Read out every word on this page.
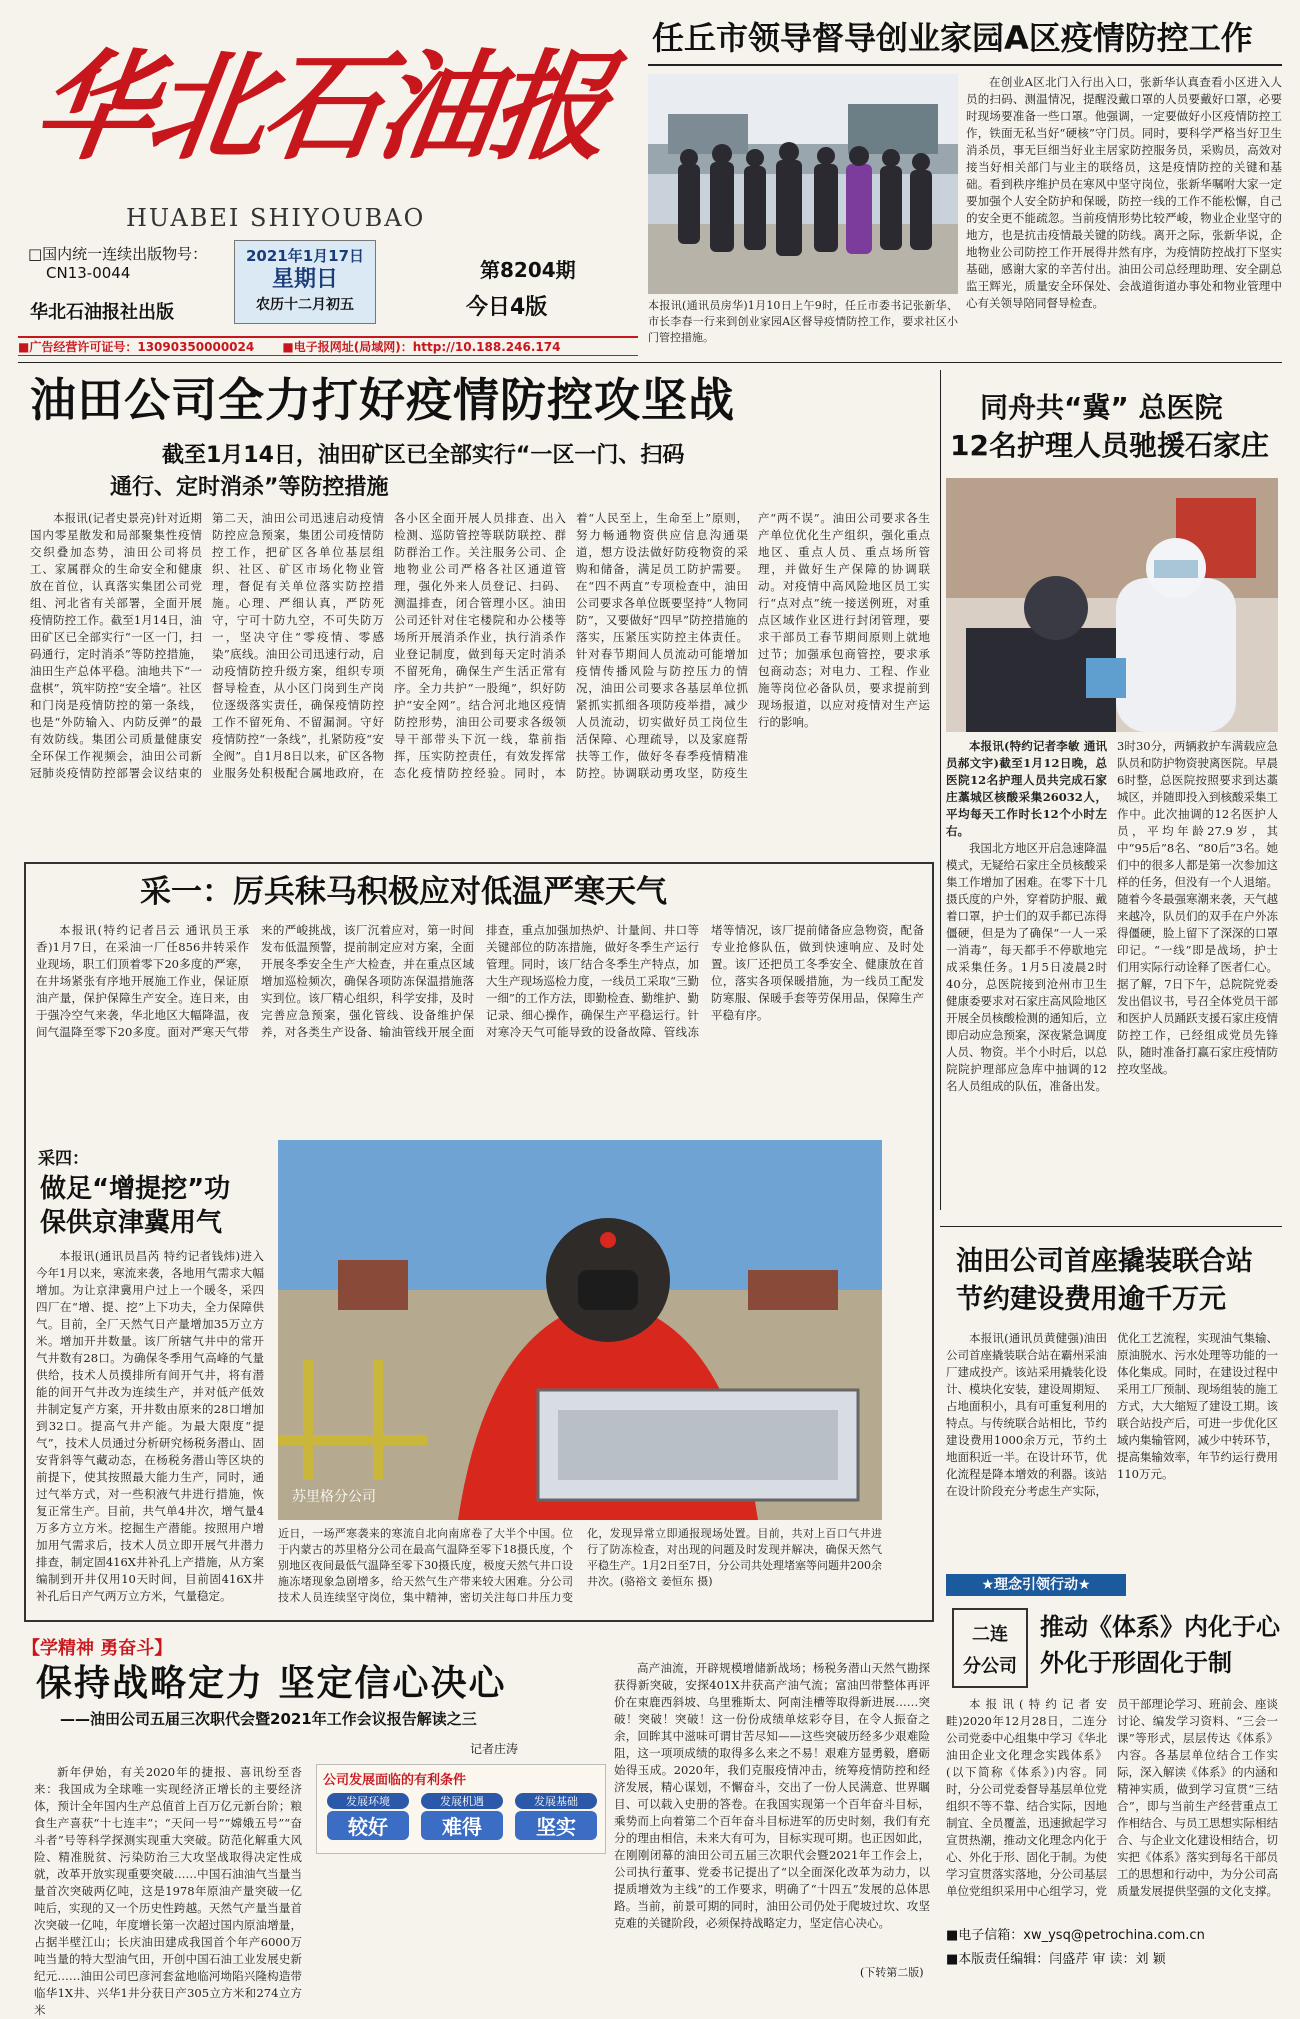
华北石油报
HUABEI SHIYOUBAO
□国内统一连续出版物号：
CN13-0044
华北石油报社出版
2021年1月17日
星期日
农历十二月初五
第8204期
今日4版
■广告经营许可证号：13090350000024 ■电子报网址(局域网)：http://10.188.246.174
任丘市领导督导创业家园A区疫情防控工作
本报讯(通讯员房华)1月10日上午9时，任丘市委书记张新华、市长李春一行来到创业家园A区督导疫情防控工作，要求社区小门管控措施。

在创业A区北门入行出入口，张新华认真查看小区进入人员的扫码、测温情况，提醒没戴口罩的人员要戴好口罩，必要时现场要准备一些口罩。他强调，一定要做好小区疫情防控工作，铁面无私当好“硬核”守门员。同时，要科学严格当好卫生消杀员，事无巨细当好业主居家防控服务员，采购员，高效对接当好相关部门与业主的联络员，这是疫情防控的关键和基础。看到秩序维护员在寒风中坚守岗位，张新华嘱咐大家一定要加强个人安全防护和保暖，防控一线的工作不能松懈，自己的安全更不能疏忽。当前疫情形势比较严峻，物业企业坚守的地方，也是抗击疫情最关键的防线。离开之际，张新华说，企地物业公司防控工作开展得井然有序，为疫情防控战打下坚实基础，感谢大家的辛苦付出。油田公司总经理助理、安全副总监王辉光，质量安全环保处、会战道街道办事处和物业管理中心有关领导陪同督导检查。

油田公司全力打好疫情防控攻坚战
截至1月14日，油田矿区已全部实行“一区一门、扫码
通行、定时消杀”等防控措施

本报讯(记者史景亮)针对近期国内零星散发和局部聚集性疫情交织叠加态势，油田公司将员工、家属群众的生命安全和健康放在首位，认真落实集团公司党组、河北省有关部署，全面开展疫情防控工作。截至1月14日，油田矿区已全部实行“一区一门，扫码通行，定时消杀”等防控措施，油田生产总体平稳。油地共下“一盘棋”，筑牢防控“安全墙”。社区和门岗是疫情防控的第一条线，也是“外防输入、内防反弹”的最有效防线。集团公司质量健康安全环保工作视频会，油田公司新冠肺炎疫情防控部署会议结束的第二天，油田公司迅速启动疫情防控应急预案，集团公司疫情防控工作，把矿区各单位基层组织、社区、矿区市场化物业管理，督促有关单位落实防控措施。心理、严细认真，严防死守，宁可十防九空，不可失防万一，坚决守住“零疫情、零感染”底线。油田公司迅速行动，启动疫情防控升级方案，组织专项督导检查，从小区门岗到生产岗位逐级落实责任，确保疫情防控工作不留死角、不留漏洞。守好疫情防控“一条线”，扎紧防疫“安全阀”。自1月8日以来，矿区各物业服务处积极配合属地政府，在各小区全面开展人员排查、出入检测、巡防管控等联防联控、群防群治工作。关注服务公司、企地物业公司严格各社区通道管理，强化外来人员登记、扫码、测温排查，闭合管理小区。油田公司还针对住宅楼院和办公楼等场所开展消杀作业，执行消杀作业登记制度，做到每天定时消杀不留死角，确保生产生活正常有序。全力共护“一股绳”，织好防护“安全网”。结合河北地区疫情防控形势，油田公司要求各级领导干部带头下沉一线，靠前指挥，压实防控责任，有效发挥常态化疫情防控经验。同时，本着“人民至上，生命至上”原则，努力畅通物资供应信息沟通渠道，想方设法做好防疫物资的采购和储备，满足员工防护需要。在“四不两直”专项检查中，油田公司要求各单位既要坚持“人物同防”，又要做好“四早”防控措施的落实，压紧压实防控主体责任。针对春节期间人员流动可能增加疫情传播风险与防控压力的情况，油田公司要求各基层单位抓紧抓实抓细各项防疫举措，减少人员流动，切实做好员工岗位生活保障、心理疏导，以及家庭帮扶等工作，做好冬春季疫情精准防控。协调联动勇攻坚，防疫生产“两不误”。油田公司要求各生产单位优化生产组织，强化重点地区、重点人员、重点场所管理，并做好生产保障的协调联动。对疫情中高风险地区员工实行“点对点”统一接送例班，对重点区域作业区进行封闭管理，要求干部员工春节期间原则上就地过节；加强承包商管控，要求承包商动态；对电力、工程、作业施等岗位必备队员，要求提前到现场报道，以应对疫情对生产运行的影响。

同舟共“冀” 总医院
12名护理人员驰援石家庄

本报讯(特约记者李敏 通讯员郝文宇)截至1月12日晚，总医院12名护理人员共完成石家庄藁城区核酸采集26032人，平均每天工作时长12个小时左右。

我国北方地区开启急速降温模式，无疑给石家庄全员核酸采集工作增加了困难。在零下十几摄氏度的户外，穿着防护服、戴着口罩，护士们的双手都已冻得僵硬，但是为了确保“一人一采一消毒”，每天都手不停歇地完成采集任务。1月5日凌晨2时40分，总医院接到沧州市卫生健康委要求对石家庄高风险地区开展全员核酸检测的通知后，立即启动应急预案，深夜紧急调度人员、物资。半个小时后，以总院院护理部应急库中抽调的12名人员组成的队伍，准备出发。3时30分，两辆救护车满载应急队员和防护物资驶离医院。早晨6时整，总医院按照要求到达藁城区，并随即投入到核酸采集工作中。此次抽调的12名医护人员，平均年龄27.9岁，其中“95后”8名、“80后”3名。她们中的很多人都是第一次参加这样的任务，但没有一个人退缩。随着今冬最强寒潮来袭，天气越来越冷，队员们的双手在户外冻得僵硬，脸上留下了深深的口罩印记。“一线”即是战场，护士们用实际行动诠释了医者仁心。据了解，7日下午，总院院党委发出倡议书，号召全体党员干部和医护人员踊跃支援石家庄疫情防控工作，已经组成党员先锋队，随时准备打赢石家庄疫情防控攻坚战。

采一：厉兵秣马积极应对低温严寒天气

本报讯(特约记者吕云 通讯员王承香)1月7日，在采油一厂任856井转采作业现场，职工们顶着零下20多度的严寒，在井场紧张有序地开展施工作业，保证原油产量，保护保障生产安全。连日来，由于强冷空气来袭，华北地区大幅降温，夜间气温降至零下20多度。面对严寒天气带来的严峻挑战，该厂沉着应对，第一时间发布低温预警，提前制定应对方案，全面开展冬季安全生产大检查，并在重点区域增加巡检频次，确保各项防冻保温措施落实到位。该厂精心组织，科学安排，及时完善应急预案，强化管线、设备维护保养，对各类生产设备、输油管线开展全面排查，重点加强加热炉、计量间、井口等关键部位的防冻措施，做好冬季生产运行管理。同时，该厂结合冬季生产特点，加大生产现场巡检力度，一线员工采取“三勤一细”的工作方法，即勤检查、勤维护、勤记录、细心操作，确保生产平稳运行。针对寒冷天气可能导致的设备故障、管线冻堵等情况，该厂提前储备应急物资，配备专业抢修队伍，做到快速响应、及时处置。该厂还把员工冬季安全、健康放在首位，落实各项保暖措施，为一线员工配发防寒服、保暖手套等劳保用品，保障生产平稳有序。

采四：
做足“增提挖”功
保供京津冀用气

本报讯(通讯员昌芮 特约记者钱炜)进入今年1月以来，寒流来袭，各地用气需求大幅增加。为让京津冀用户过上一个暖冬，采四四厂在“增、提、挖”上下功夫，全力保障供气。目前，全厂天然气日产量增加35万立方米。增加开井数量。该厂所辖气井中的常开气井数有28口。为确保冬季用气高峰的气量供给，技术人员摸排所有间开气井，将有潜能的间开气井改为连续生产，并对低产低效井制定复产方案，开井数由原来的28口增加到32口。提高气井产能。为最大限度“提气”，技术人员通过分析研究杨税务潜山、固安背斜等气藏动态，在杨税务潜山等区块的前提下，使其按照最大能力生产，同时，通过气举方式，对一些积液气井进行措施，恢复正常生产。目前，共气单4井次，增气量4万多方立方米。挖掘生产潜能。按照用户增加用气需求后，技术人员立即开展气井潜力排查，制定固416X井补孔上产措施，从方案编制到开井仅用10天时间，目前固416X井补孔后日产气两万立方米，气量稳定。

苏里格分公司
近日，一场严寒袭来的寒流自北向南席卷了大半个中国。位于内蒙古的苏里格分公司在最高气温降至零下18摄氏度，个别地区夜间最低气温降至零下30摄氏度，极度天然气井口设施冻堵现象急剧增多，给天然气生产带来较大困难。分公司技术人员连续坚守岗位，集中精神，密切关注每口井压力变化，发现异常立即通报现场处置。目前，共对上百口气井进行了防冻检查，对出现的问题及时发现并解决，确保天然气平稳生产。1月2日至7日，分公司共处理堵塞等问题井200余井次。(骆裕文 姜恒东 摄)
油田公司首座撬装联合站
节约建设费用逾千万元

本报讯(通讯员黄健强)油田公司首座撬装联合站在霸州采油厂建成投产。该站采用撬装化设计、模块化安装，建设周期短、占地面积小，具有可重复利用的特点。与传统联合站相比，节约建设费用1000余万元，节约土地面积近一半。在设计环节，优化流程是降本增效的利器。该站在设计阶段充分考虑生产实际，优化工艺流程，实现油气集输、原油脱水、污水处理等功能的一体化集成。同时，在建设过程中采用工厂预制、现场组装的施工方式，大大缩短了建设工期。该联合站投产后，可进一步优化区域内集输管网，减少中转环节，提高集输效率，年节约运行费用110万元。

★理念引领行动★
二连
分公司
推动《体系》内化于心
外化于形固化于制

本报讯(特约记者安畦)2020年12月28日，二连分公司党委中心组集中学习《华北油田企业文化理念实践体系》(以下简称《体系》)内容。同时，分公司党委督导基层单位党组织不等不靠、结合实际，因地制宜、全员覆盖，迅速掀起学习宣贯热潮，推动文化理念内化于心、外化于形、固化于制。为使学习宣贯落实落地，分公司基层单位党组织采用中心组学习，党员干部理论学习、班前会、座谈讨论、编发学习资料、“三会一课”等形式，层层传达《体系》内容。各基层单位结合工作实际，深入解读《体系》的内涵和精神实质，做到学习宣贯“三结合”，即与当前生产经营重点工作相结合、与员工思想实际相结合、与企业文化建设相结合，切实把《体系》落实到每名干部员工的思想和行动中，为分公司高质量发展提供坚强的文化支撑。

■电子信箱：xw_ysq@petrochina.com.cn
■本版责任编辑：闫盛芹 审 读：刘 颖
【学精神 勇奋斗】
保持战略定力 坚定信心决心
——油田公司五届三次职代会暨2021年工作会议报告解读之三
记者庄涛

新年伊始，有关2020年的捷报、喜讯纷至沓来：我国成为全球唯一实现经济正增长的主要经济体，预计全年国内生产总值首上百万亿元新台阶；粮食生产喜获“十七连丰”；“天问一号”“嫦娥五号”“奋斗者”号等科学探测实现重大突破。防范化解重大风险、精准脱贫、污染防治三大攻坚战取得决定性成就，改革开放实现重要突破……中国石油油气当量当量首次突破两亿吨，这是1978年原油产量突破一亿吨后，实现的又一个历史性跨越。天然气产量当量首次突破一亿吨，年度增长第一次超过国内原油增量，占据半壁江山；长庆油田建成我国首个年产6000万吨当量的特大型油气田，开创中国石油工业发展史新纪元……油田公司巴彦河套盆地临河坳陷兴隆构造带临华1X井、兴华1井分获日产305立方米和274立方米

公司发展面临的有利条件
发展环境
较好
发展机遇
难得
发展基础
坚实

高产油流，开辟规模增储新战场；杨税务潜山天然气勘探获得新突破，安探401X井获高产油气流；富油凹带整体再评价在束鹿西斜坡、乌里雅斯太、阿南洼槽等取得新进展……突破！突破！突破！这一份份成绩单炫彩夺目，在令人振奋之余，回眸其中滋味可谓甘苦尽知——这些突破历经多少艰难险阻，这一项项成绩的取得多么来之不易！艰难方显勇毅，磨砺始得玉成。2020年，我们克服疫情冲击，统筹疫情防控和经济发展，精心谋划，不懈奋斗，交出了一份人民满意、世界瞩目、可以载入史册的答卷。在我国实现第一个百年奋斗目标，乘势而上向着第二个百年奋斗目标进军的历史时刻，我们有充分的理由相信，未来大有可为，目标实现可期。也正因如此，在刚刚闭幕的油田公司五届三次职代会暨2021年工作会上，公司执行董事、党委书记提出了“以全面深化改革为动力，以提质增效为主线”的工作要求，明确了“十四五”发展的总体思路。当前，前景可期的同时，油田公司仍处于爬坡过坎、攻坚克难的关键阶段，必须保持战略定力，坚定信心决心。

(下转第二版)
